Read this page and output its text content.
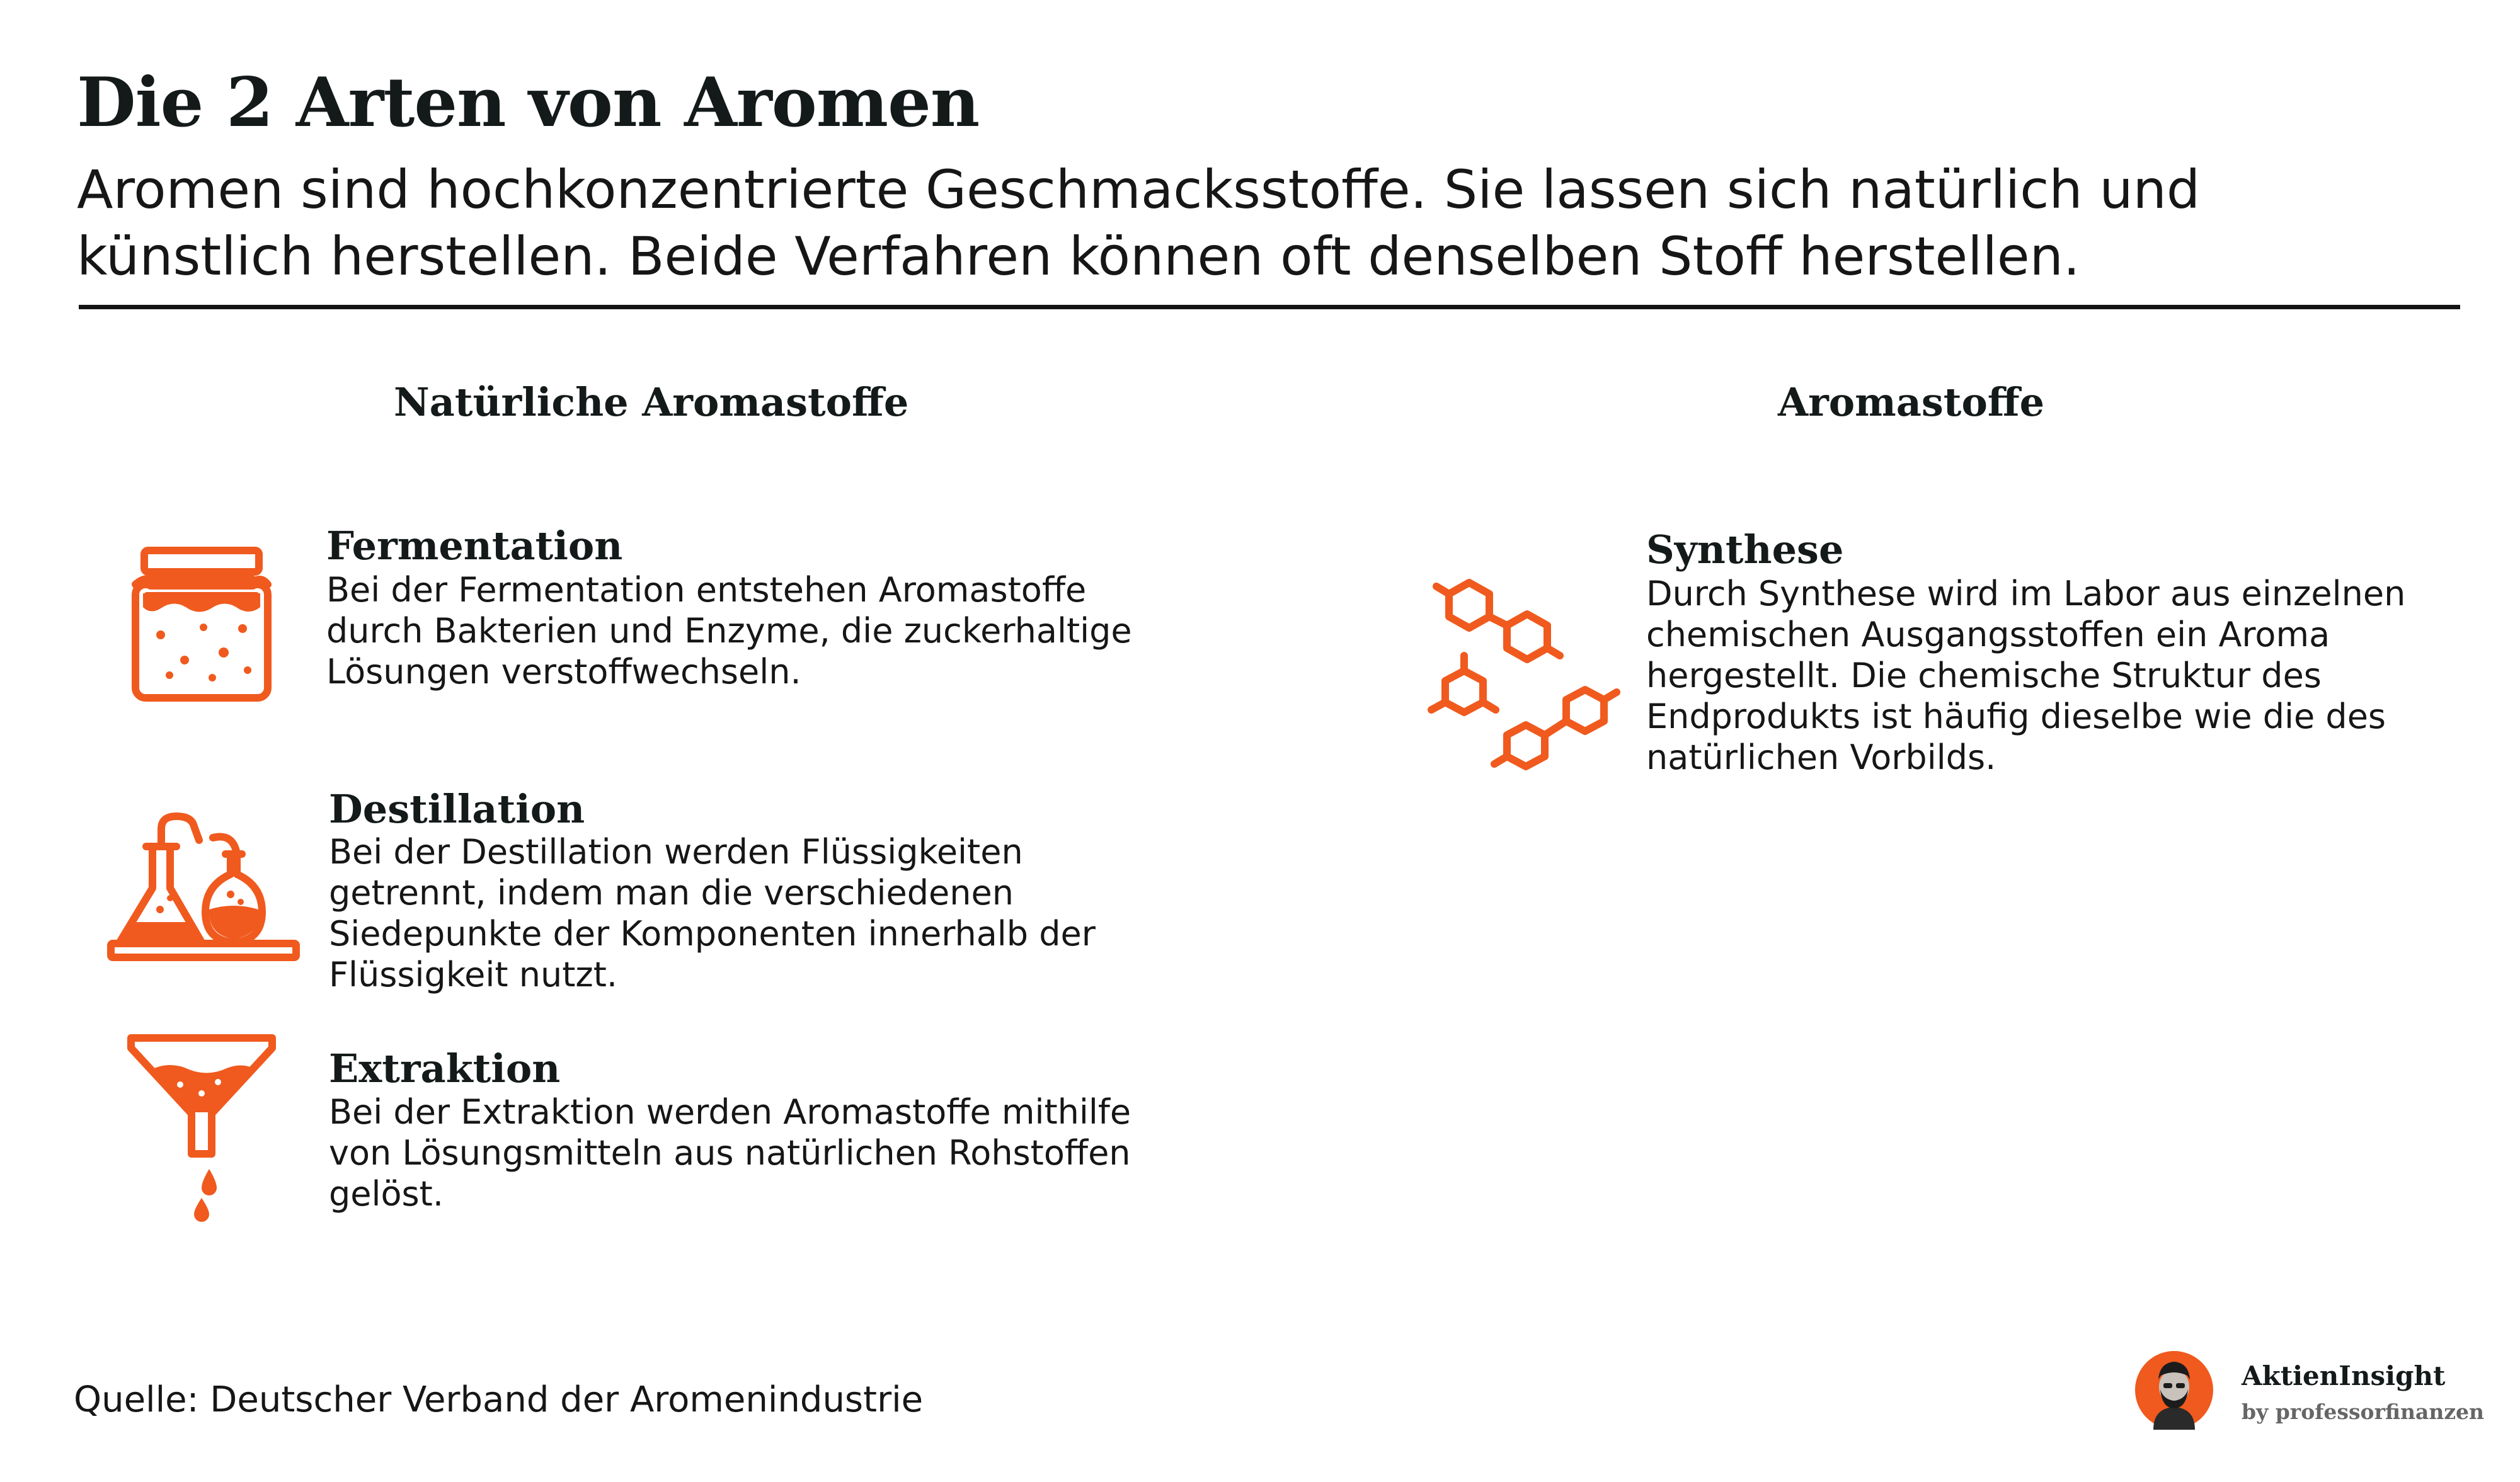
Die 2 Arten von Aromen
Aromen sind hochkonzentrierte Geschmacksstoffe. Sie lassen sich natürlich und künstlich herstellen. Beide Verfahren können oft denselben Stoff herstellen.
Natürliche Aromastoffe	Aromastoffe
Fermentation
Bei der Fermentation entstehen Aromastoffe durch Bakterien und Enzyme, die zuckerhaltige Lösungen verstoffwechseln.
Destillation
Bei der Destillation werden Flüssigkeiten getrennt, indem man die verschiedenen Siedepunkte der Komponenten innerhalb der Flüssigkeit nutzt.
Extraktion
Bei der Extraktion werden Aromastoffe mithilfe von Lösungsmitteln aus natürlichen Rohstoffen gelöst.
Synthese
Durch Synthese wird im Labor aus einzelnen chemischen Ausgangsstoffen ein Aroma hergestellt. Die chemische Struktur des Endprodukts ist häufig dieselbe wie die des natürlichen Vorbilds.
Quelle: Deutscher Verband der Aromenindustrie
AktienInsight
by professorfinanzen
